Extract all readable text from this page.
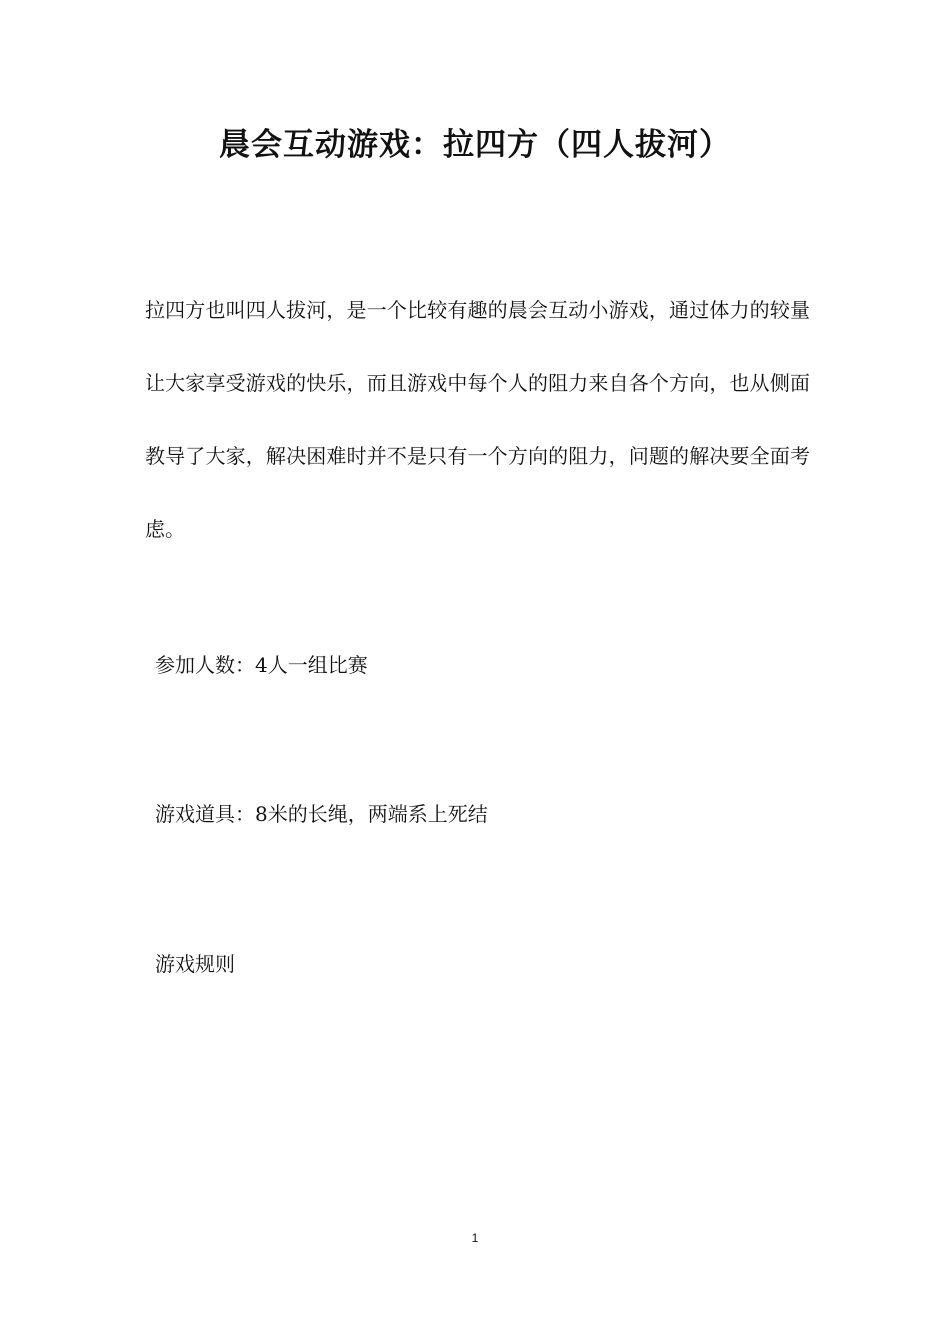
晨会互动游戏：拉四方（四人拔河）

拉四方也叫四人拔河，是一个比较有趣的晨会互动小游戏，通过体力的较量让大家享受游戏的快乐，而且游戏中每个人的阻力来自各个方向，也从侧面教导了大家，解决困难时并不是只有一个方向的阻力，问题的解决要全面考虑。

参加人数：4人一组比赛

游戏道具：8米的长绳，两端系上死结

游戏规则

1
